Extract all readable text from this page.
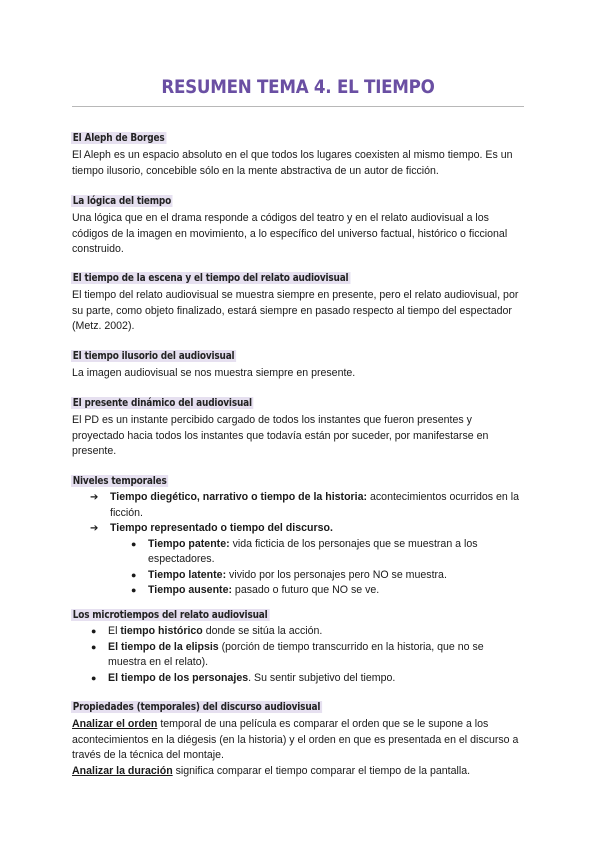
RESUMEN TEMA 4. EL TIEMPO
El Aleph de Borges
El Aleph es un espacio absoluto en el que todos los lugares coexisten al mismo tiempo. Es un tiempo ilusorio, concebible sólo en la mente abstractiva de un autor de ficción.
La lógica del tiempo
Una lógica que en el drama responde a códigos del teatro y en el relato audiovisual a los códigos de la imagen en movimiento, a lo específico del universo factual, histórico o ficcional construido.
El tiempo de la escena y el tiempo del relato audiovisual
El tiempo del relato audiovisual se muestra siempre en presente, pero el relato audiovisual, por su parte, como objeto finalizado, estará siempre en pasado respecto al tiempo del espectador (Metz. 2002).
El tiempo ilusorio del audiovisual
La imagen audiovisual se nos muestra siempre en presente.
El presente dinámico del audiovisual
El PD es un instante percibido cargado de todos los instantes que fueron presentes y proyectado hacia todos los instantes que todavía están por suceder, por manifestarse en presente.
Niveles temporales
➔ Tiempo diegético, narrativo o tiempo de la historia: acontecimientos ocurridos en la ficción.
➔ Tiempo representado o tiempo del discurso.
● Tiempo patente: vida ficticia de los personajes que se muestran a los espectadores.
● Tiempo latente: vivido por los personajes pero NO se muestra.
● Tiempo ausente: pasado o futuro que NO se ve.
Los microtiempos del relato audiovisual
● El tiempo histórico donde se sitúa la acción.
● El tiempo de la elipsis (porción de tiempo transcurrido en la historia, que no se muestra en el relato).
● El tiempo de los personajes. Su sentir subjetivo del tiempo.
Propiedades (temporales) del discurso audiovisual
Analizar el orden temporal de una película es comparar el orden que se le supone a los acontecimientos en la diégesis (en la historia) y el orden en que es presentada en el discurso a través de la técnica del montaje.
Analizar la duración significa comparar el tiempo comparar el tiempo de la pantalla.
